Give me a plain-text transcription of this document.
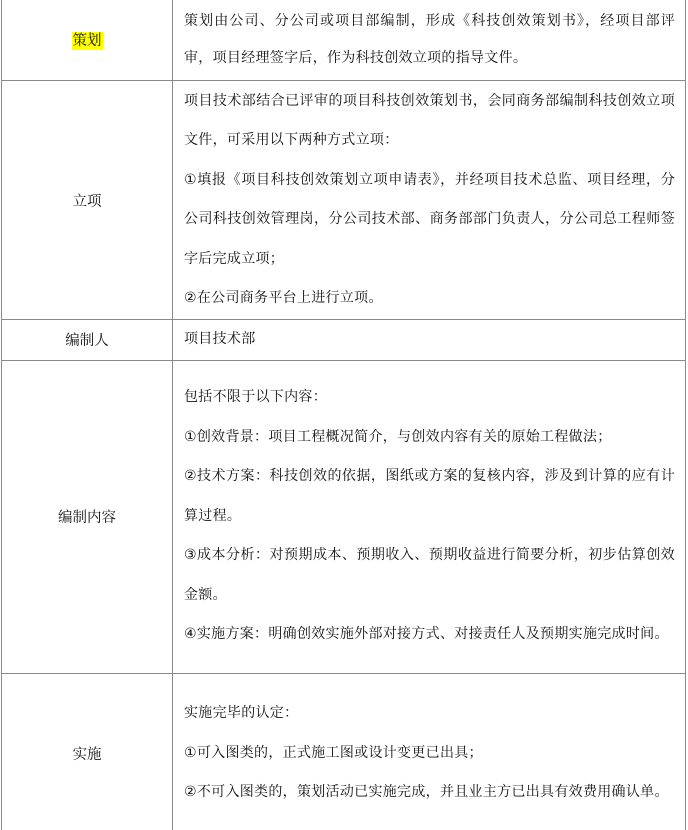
策划	策划由公司、分公司或项目部编制，形成《科技创效策划书》，经项目部评审，项目经理签字后，作为科技创效立项的指导文件。

立项	项目技术部结合已评审的项目科技创效策划书，会同商务部编制科技创效立项文件，可采用以下两种方式立项：

①填报《项目科技创效策划立项申请表》，并经项目技术总监、项目经理，分公司科技创效管理岗，分公司技术部、商务部部门负责人，分公司总工程师签字后完成立项；

②在公司商务平台上进行立项。

编制人	项目技术部

编制内容	包括不限于以下内容：

①创效背景：项目工程概况简介，与创效内容有关的原始工程做法；

②技术方案：科技创效的依据，图纸或方案的复核内容，涉及到计算的应有计算过程。

③成本分析：对预期成本、预期收入、预期收益进行简要分析，初步估算创效金额。

④实施方案：明确创效实施外部对接方式、对接责任人及预期实施完成时间。

实施	实施完毕的认定：

①可入图类的，正式施工图或设计变更已出具；

②不可入图类的，策划活动已实施完成，并且业主方已出具有效费用确认单。
